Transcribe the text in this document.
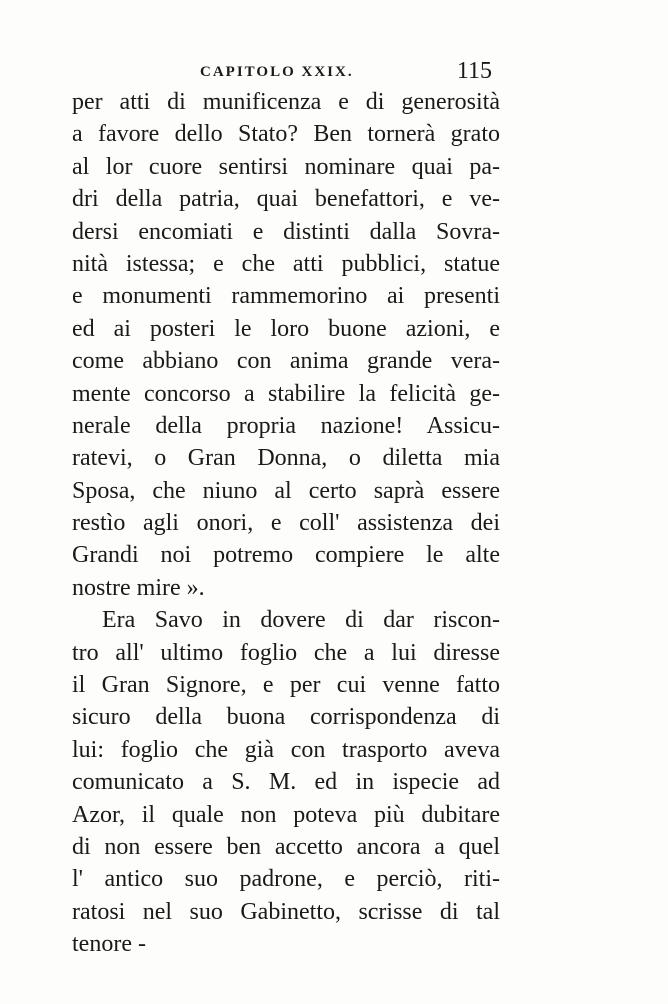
CAPITOLO XXIX.	115
per atti di munificenza e di generosità
a favore dello Stato? Ben tornerà grato
al lor cuore sentirsi nominare quai pa-
dri della patria, quai benefattori, e ve-
dersi encomiati e distinti dalla Sovra-
nità istessa; e che atti pubblici, statue
e monumenti rammemorino ai presenti
ed ai posteri le loro buone azioni, e
come abbiano con anima grande vera-
mente concorso a stabilire la felicità ge-
nerale della propria nazione! Assicu-
ratevi, o Gran Donna, o diletta mia
Sposa, che niuno al certo saprà essere
restìo agli onori, e coll' assistenza dei
Grandi noi potremo compiere le alte
nostre mire ».
Era Savo in dovere di dar riscon-
tro all' ultimo foglio che a lui diresse
il Gran Signore, e per cui venne fatto
sicuro della buona corrispondenza di
lui: foglio che già con trasporto aveva
comunicato a S. M. ed in ispecie ad
Azor, il quale non poteva più dubitare
di non essere ben accetto ancora a quel
l' antico suo padrone, e perciò, riti-
ratosi nel suo Gabinetto, scrisse di tal
tenore -
